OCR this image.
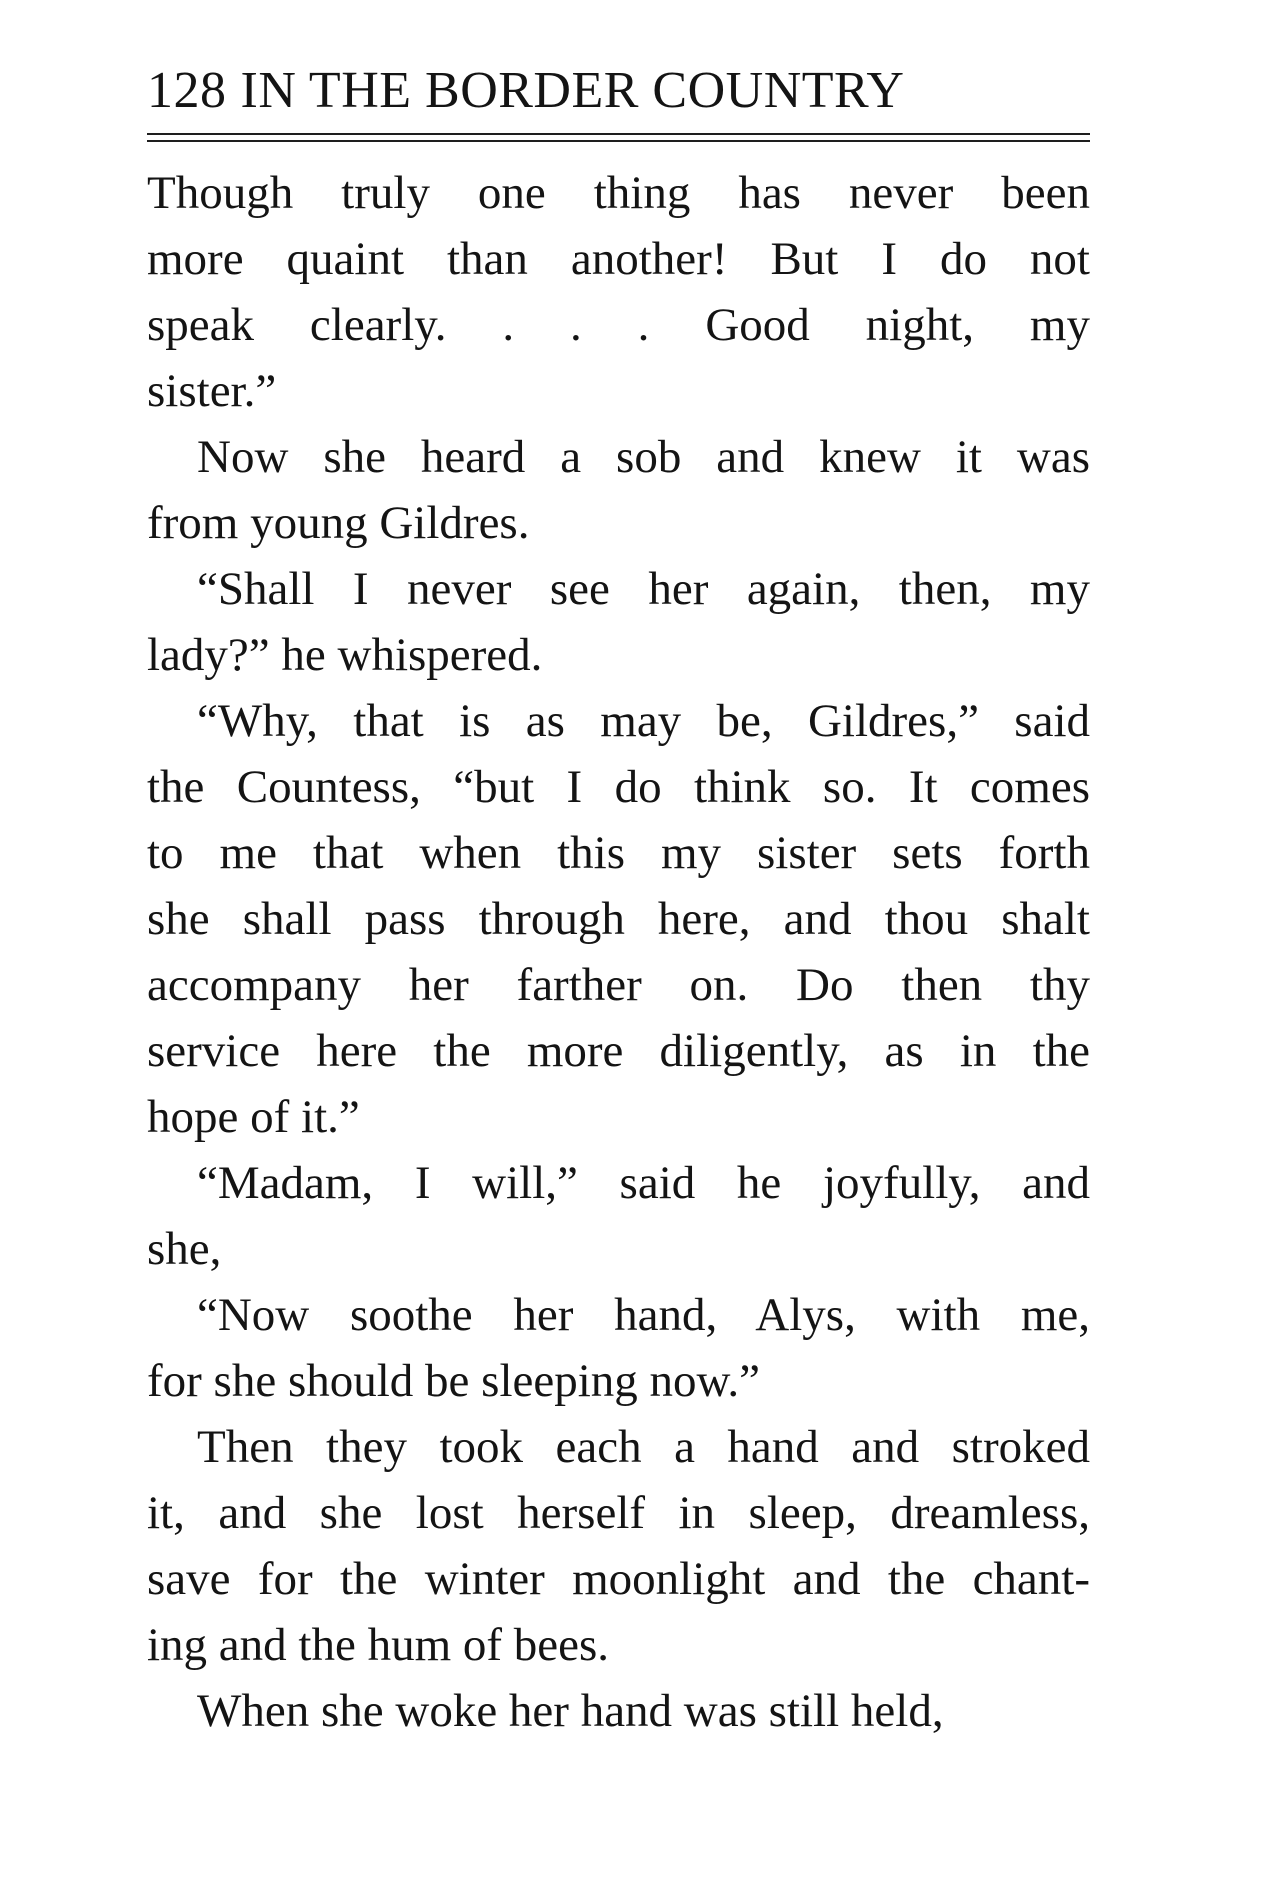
128 IN THE BORDER COUNTRY
Though truly one thing has never been
more quaint than another! But I do not
speak clearly. . . . Good night, my
sister.”
Now she heard a sob and knew it was
from young Gildres.
“Shall I never see her again, then, my
lady?” he whispered.
“Why, that is as may be, Gildres,” said
the Countess, “but I do think so. It comes
to me that when this my sister sets forth
she shall pass through here, and thou shalt
accompany her farther on. Do then thy
service here the more diligently, as in the
hope of it.”
“Madam, I will,” said he joyfully, and
she,
“Now soothe her hand, Alys, with me,
for she should be sleeping now.”
Then they took each a hand and stroked
it, and she lost herself in sleep, dreamless,
save for the winter moonlight and the chant-
ing and the hum of bees.
When she woke her hand was still held,
